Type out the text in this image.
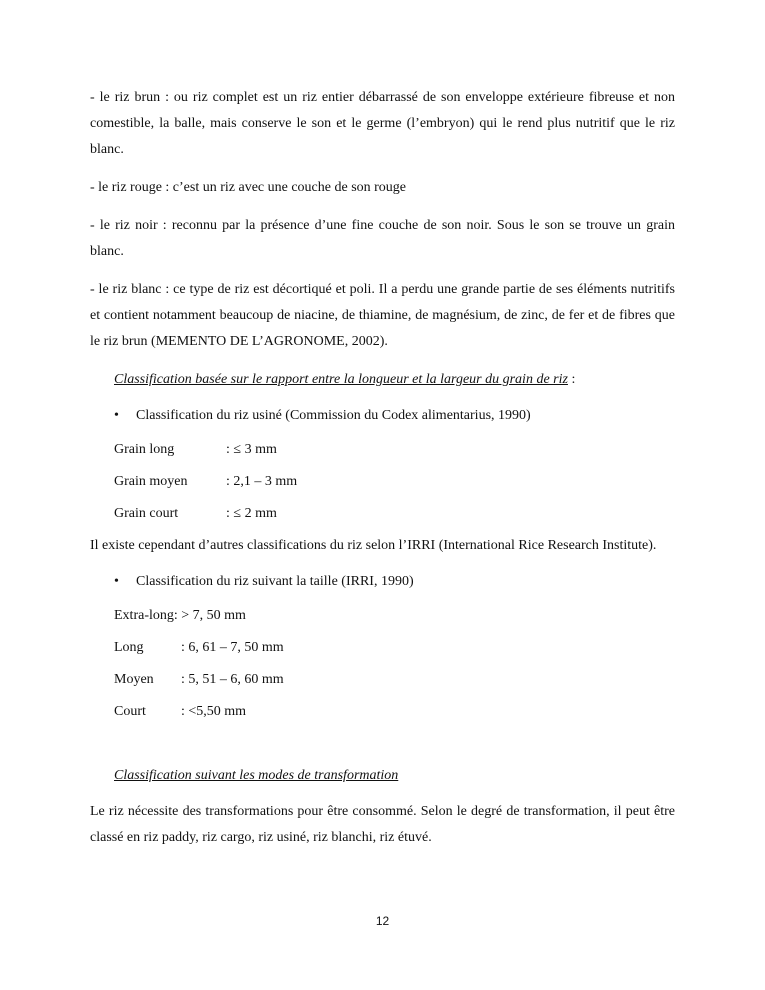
- le riz brun : ou riz complet est un riz entier débarrassé de son enveloppe extérieure fibreuse et non comestible, la balle, mais conserve le son et le germe (l’embryon) qui le rend plus nutritif que le riz blanc.

- le riz rouge : c’est un riz avec une couche de son rouge

- le riz noir : reconnu par la présence d’une fine couche de son noir. Sous le son se trouve un grain blanc.

- le riz blanc : ce type de riz est décortiqué et poli. Il a perdu une grande partie de ses éléments nutritifs et contient notamment beaucoup de niacine, de thiamine, de magnésium, de zinc, de fer et de fibres que le riz brun (MEMENTO DE L’AGRONOME, 2002).

Classification basée sur le rapport entre la longueur et la largeur du grain de riz :

•	Classification du riz usiné (Commission du Codex alimentarius, 1990)
Grain long	: ≤ 3 mm
Grain moyen	: 2,1 – 3 mm
Grain court	: ≤ 2 mm

Il existe cependant d’autres classifications du riz selon l’IRRI (International Rice Research Institute).

•	Classification du riz suivant la taille (IRRI, 1990)
Extra-long : > 7, 50 mm
Long	: 6, 61 – 7, 50 mm
Moyen	: 5, 51 – 6, 60 mm
Court	: <5,50 mm

Classification suivant les modes de transformation

Le riz nécessite des transformations pour être consommé. Selon le degré de transformation, il peut être classé en riz paddy, riz cargo, riz usiné, riz blanchi, riz étuvé.

12
